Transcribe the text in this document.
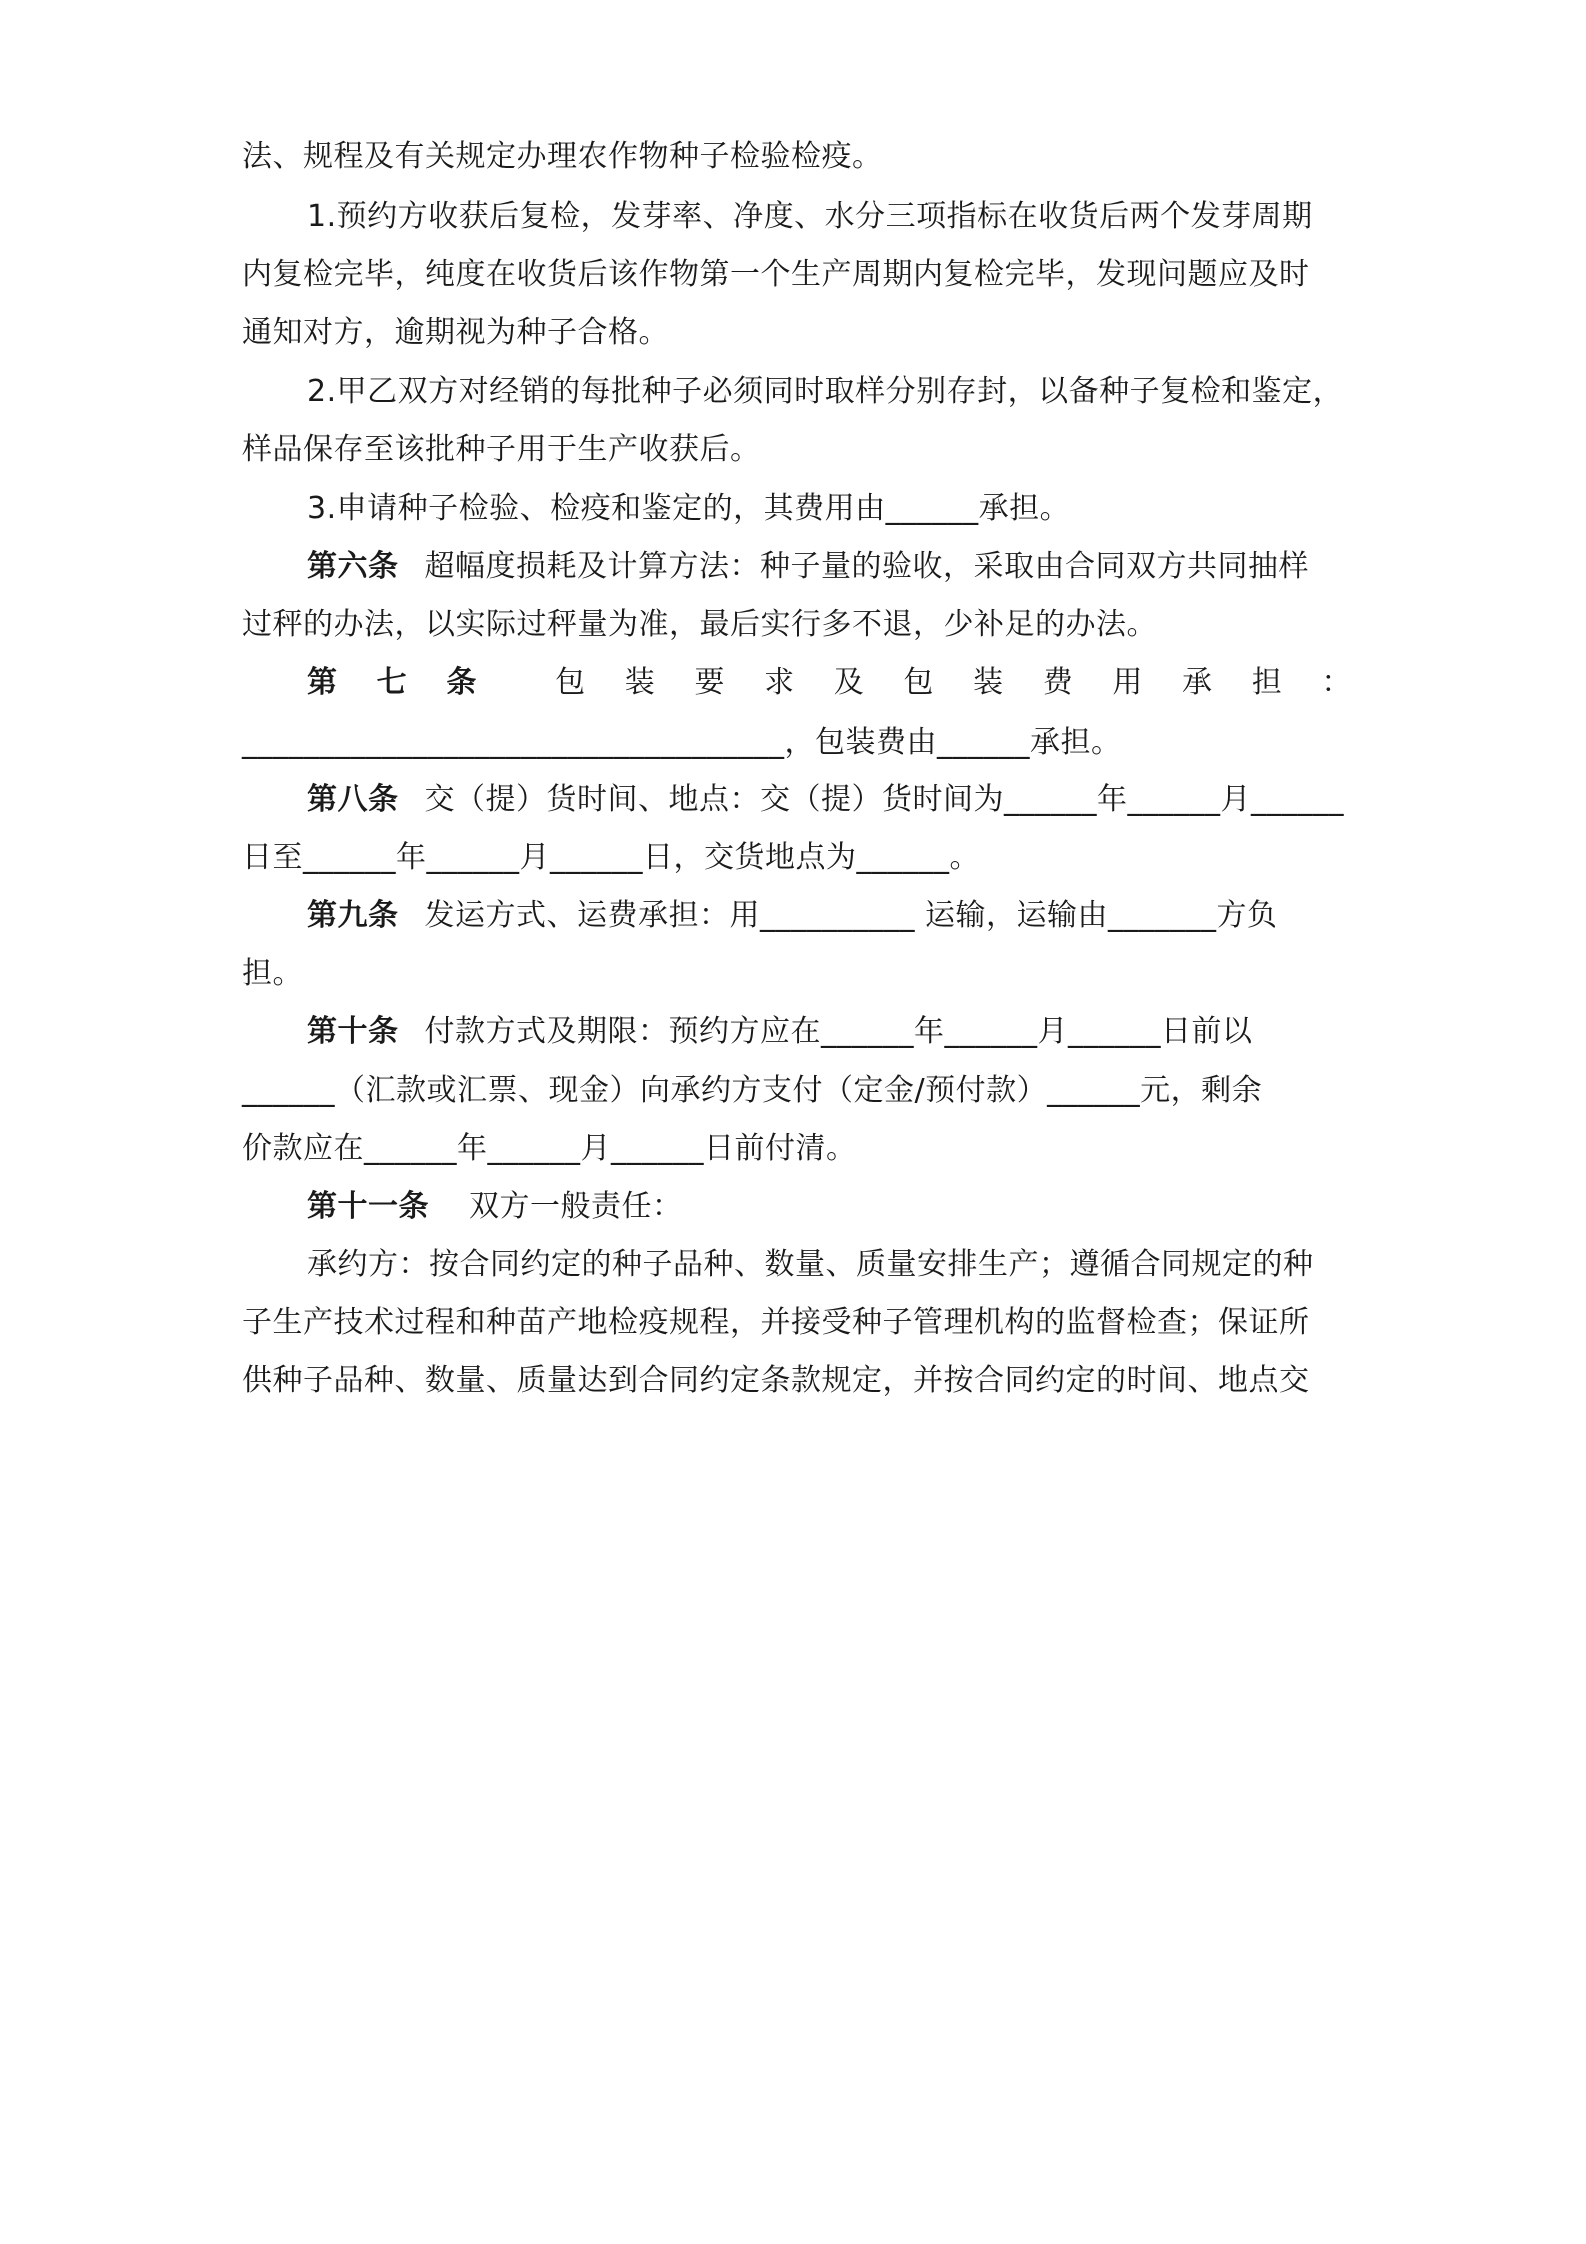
法、规程及有关规定办理农作物种子检验检疫。
1.预约方收获后复检，发芽率、净度、水分三项指标在收货后两个发芽周期
内复检完毕，纯度在收货后该作物第一个生产周期内复检完毕，发现问题应及时
通知对方，逾期视为种子合格。
2.甲乙双方对经销的每批种子必须同时取样分别存封，以备种子复检和鉴定，
样品保存至该批种子用于生产收获后。
3.申请种子检验、检疫和鉴定的，其费用由______承担。
第六条 超幅度损耗及计算方法：种子量的验收，采取由合同双方共同抽样
过秤的办法，以实际过秤量为准，最后实行多不退，少补足的办法。
第 七 条	包 装 要 求 及 包 装 费 用 承 担 ：
___________________________________，包装费由______承担。
第八条 交（提）货时间、地点：交（提）货时间为______年______月______
日至______年______月______日，交货地点为______。
第九条 发运方式、运费承担：用__________ 运输，运输由_______方负
担。
第十条 付款方式及期限：预约方应在______年______月______日前以
______（汇款或汇票、现金）向承约方支付（定金/预付款）______元，剩余
价款应在______年______月______日前付清。
第十一条 双方一般责任：
承约方：按合同约定的种子品种、数量、质量安排生产；遵循合同规定的种
子生产技术过程和种苗产地检疫规程，并接受种子管理机构的监督检查；保证所
供种子品种、数量、质量达到合同约定条款规定，并按合同约定的时间、地点交
